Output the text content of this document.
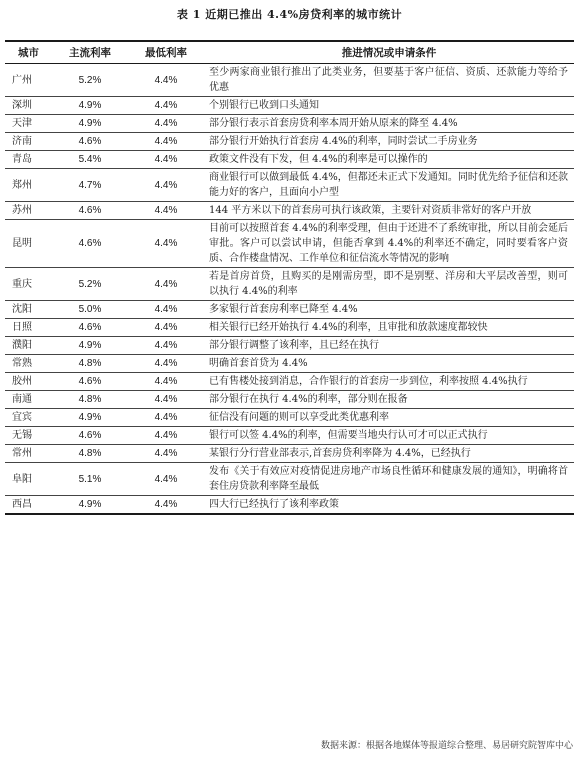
表 1 近期已推出 4.4%房贷利率的城市统计
城市	主流利率	最低利率	推进情况或申请条件
广州	5.2%	4.4%	至少两家商业银行推出了此类业务，但要基于客户征信、资质、还款能力等给予优惠
深圳	4.9%	4.4%	个别银行已收到口头通知
天津	4.9%	4.4%	部分银行表示首套房贷利率本周开始从原来的降至 4.4%
济南	4.6%	4.4%	部分银行开始执行首套房 4.4%的利率，同时尝试二手房业务
青岛	5.4%	4.4%	政策文件没有下发，但 4.4%的利率是可以操作的
郑州	4.7%	4.4%	商业银行可以做到最低 4.4%，但都还未正式下发通知。同时优先给予征信和还款能力好的客户，且面向小户型
苏州	4.6%	4.4%	144 平方米以下的首套房可执行该政策，主要针对资质非常好的客户开放
昆明	4.6%	4.4%	目前可以按照首套 4.4%的利率受理，但由于还进不了系统审批，所以目前会延后审批。客户可以尝试申请，但能否拿到 4.4%的利率还不确定，同时要看客户资质、合作楼盘情况、工作单位和征信流水等情况的影响
重庆	5.2%	4.4%	若是首房首贷，且购买的是刚需房型，即不是别墅、洋房和大平层改善型，则可以执行 4.4%的利率
沈阳	5.0%	4.4%	多家银行首套房利率已降至 4.4%
日照	4.6%	4.4%	相关银行已经开始执行 4.4%的利率，且审批和放款速度都较快
濮阳	4.9%	4.4%	部分银行调整了该利率，且已经在执行
常熟	4.8%	4.4%	明确首套首贷为 4.4%
胶州	4.6%	4.4%	已有售楼处接到消息，合作银行的首套房一步到位，利率按照 4.4%执行
南通	4.8%	4.4%	部分银行在执行 4.4%的利率，部分则在报备
宜宾	4.9%	4.4%	征信没有问题的则可以享受此类优惠利率
无锡	4.6%	4.4%	银行可以签 4.4%的利率，但需要当地央行认可才可以正式执行
常州	4.8%	4.4%	某银行分行营业部表示,首套房贷利率降为 4.4%，已经执行
阜阳	5.1%	4.4%	发布《关于有效应对疫情促进房地产市场良性循环和健康发展的通知》，明确将首套住房贷款利率降至最低
西昌	4.9%	4.4%	四大行已经执行了该利率政策
数据来源：根据各地媒体等报道综合整理、易居研究院智库中心
